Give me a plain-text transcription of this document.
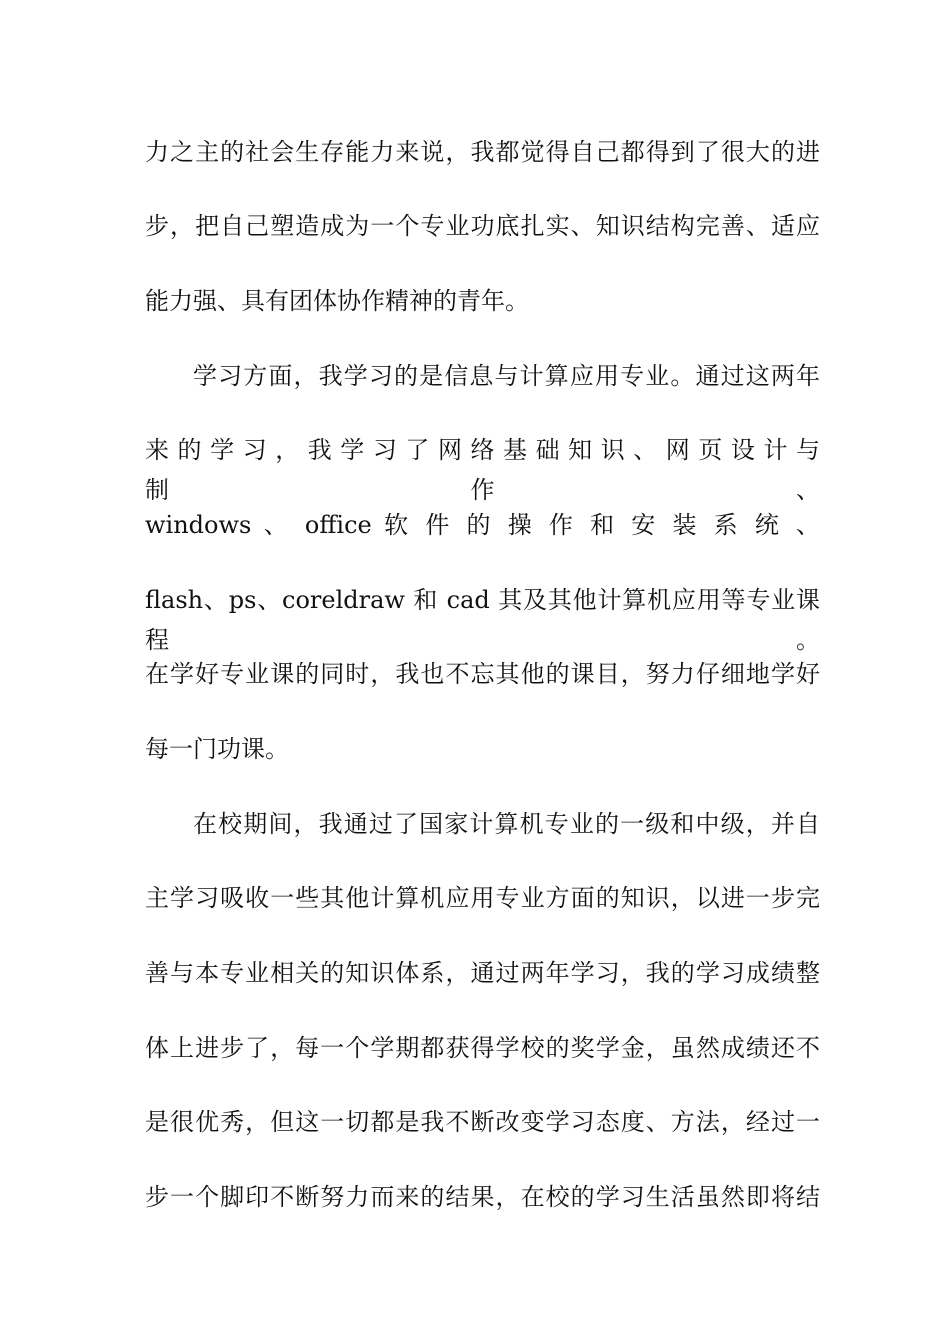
力之主的社会生存能力来说，我都觉得自己都得到了很大的进
步，把自己塑造成为一个专业功底扎实、知识结构完善、适应
能力强、具有团体协作精神的青年。
学习方面，我学习的是信息与计算应用专业。通过这两年
来 的 学 习 ， 我 学 习 了 网 络 基 础 知 识 、 网 页 设 计 与 制 作 、
windows 、 office 软 件 的 操 作 和 安 装 系 统 、
flash、ps、coreldraw 和 cad 其及其他计算机应用等专业课程。
在学好专业课的同时，我也不忘其他的课目，努力仔细地学好
每一门功课。
在校期间，我通过了国家计算机专业的一级和中级，并自
主学习吸收一些其他计算机应用专业方面的知识，以进一步完
善与本专业相关的知识体系，通过两年学习，我的学习成绩整
体上进步了，每一个学期都获得学校的奖学金，虽然成绩还不
是很优秀，但这一切都是我不断改变学习态度、方法，经过一
步一个脚印不断努力而来的结果，在校的学习生活虽然即将结
